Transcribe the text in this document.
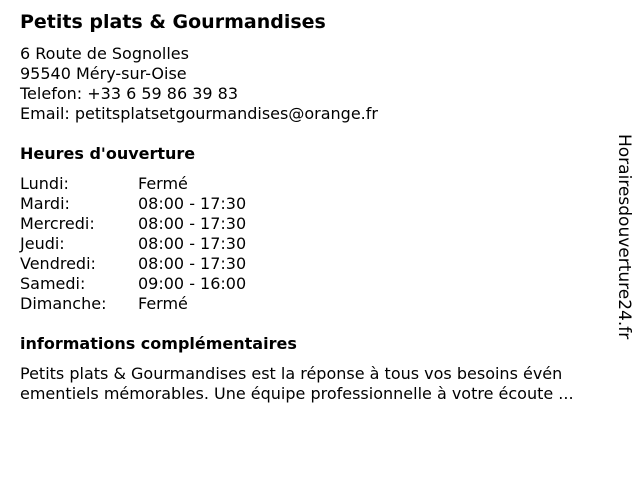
Petits plats & Gourmandises
6 Route de Sognolles
95540 Méry-sur-Oise
Telefon: +33 6 59 86 39 83
Email: petitsplatsetgourmandises@orange.fr
Heures d'ouverture
Lundi:	Fermé
Mardi:	08:00 - 17:30
Mercredi:	08:00 - 17:30
Jeudi:	08:00 - 17:30
Vendredi:	08:00 - 17:30
Samedi:	09:00 - 16:00
Dimanche:	Fermé
informations complémentaires
Petits plats & Gourmandises est la réponse à tous vos besoins évén
ementiels mémorables. Une équipe professionnelle à votre écoute ...
Horairesdouverture24.fr
